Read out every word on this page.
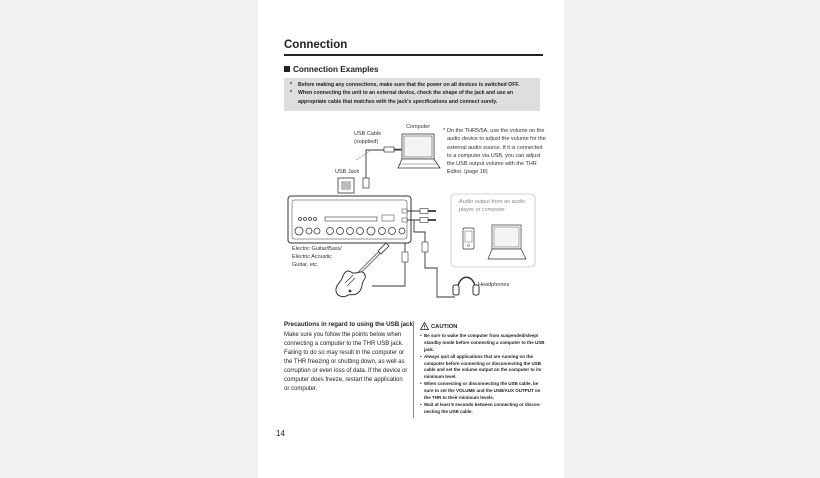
Connection
Connection Examples
* Before making any connections, make sure that the power on all devices is switched OFF.
* When connecting the unit to an external device, check the shape of the jack and use an appropriate cable that matches with the jack's specifications and connect surely.
Computer
USB Cable
(supplied)
USB Jack
* On the THR5/5A, use the volume on the
audio device to adjust the volume for the
external audio source. If it is connected
to a computer via USB, you can adjust
the USB output volume with the THR
Editor. (page 18)
Audio output from an audio
player or computer
Electric Guitar/Bass/
Electric Acoustic
Guitar, etc.
Headphones
Precautions in regard to using the USB jack
Make sure you follow the points below when connecting a computer to the THR USB jack. Failing to do so may result in the computer or the THR freezing or shutting down, as well as corruption or even loss of data. If the device or computer does freeze, restart the application or computer.
CAUTION
• Be sure to wake the computer from suspended/sleep/ standby mode before connecting a computer to the USB jack.
• Always quit all applications that are running on the computer before connecting or disconnecting the USB cable and set the volume output on the computer to its minimum level.
• When connecting or disconnecting the USB cable, be sure to set the VOLUME and the USB/AUX OUTPUT on the THR to their minimum levels.
• Wait at least 6 seconds between connecting or discon- necting the USB cable.
14
